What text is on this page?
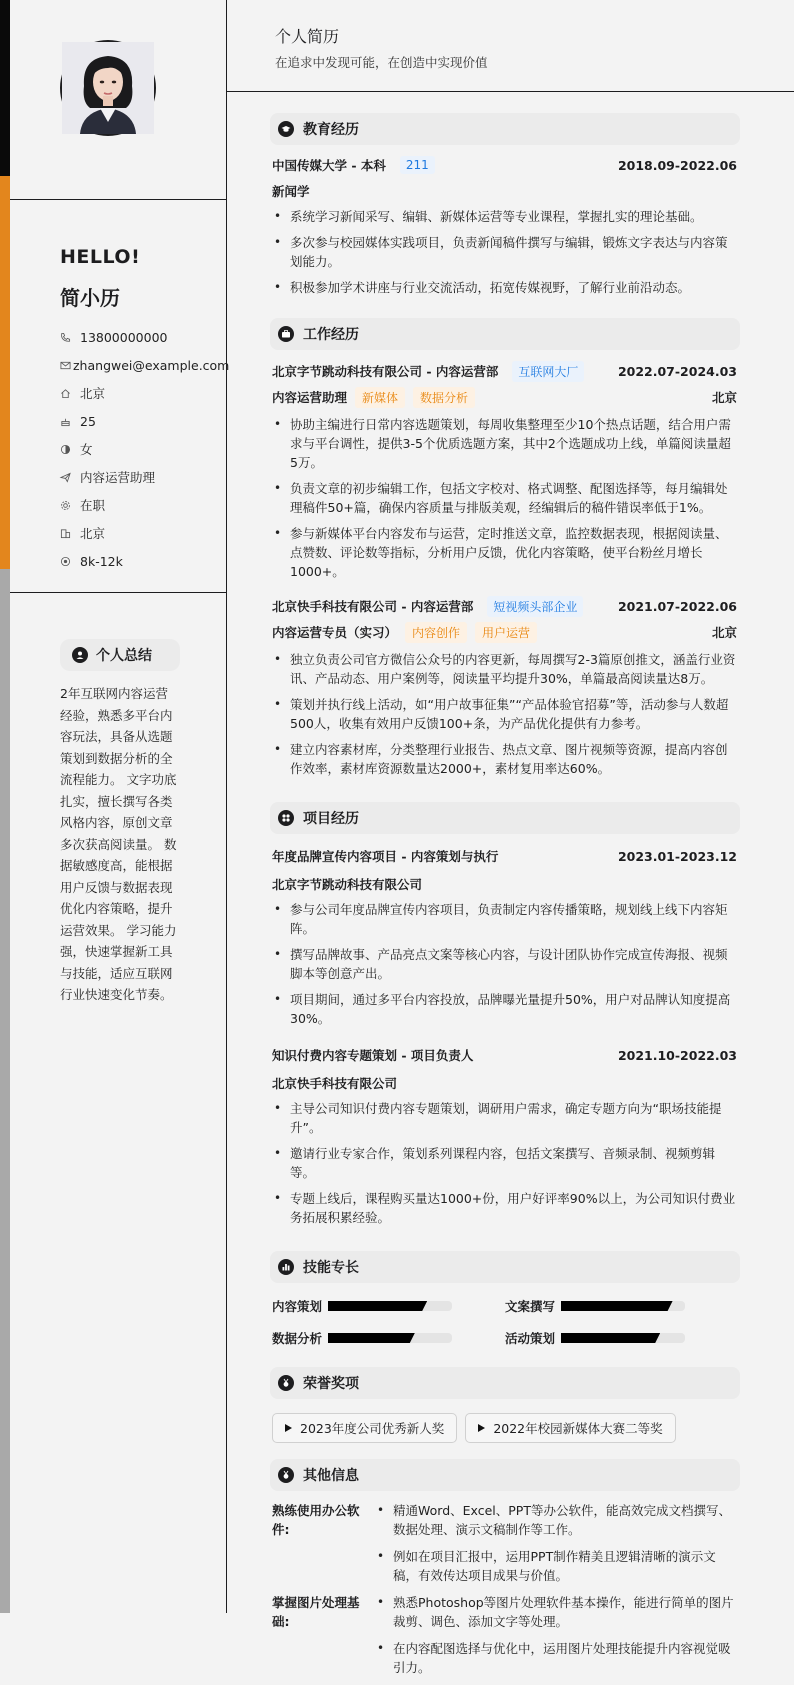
HELLO!
简小历
13800000000
zhangwei@example.com
北京
25
女
内容运营助理
在职
北京
8k-12k
个人总结
2年互联网内容运营经验，熟悉多平台内容玩法，具备从选题策划到数据分析的全流程能力。 文字功底扎实，擅长撰写各类风格内容，原创文章多次获高阅读量。 数据敏感度高，能根据用户反馈与数据表现优化内容策略，提升运营效果。 学习能力强，快速掌握新工具与技能，适应互联网行业快速变化节奏。
个人简历
在追求中发现可能，在创造中实现价值
教育经历
中国传媒大学 - 本科	211	2018.09-2022.06
新闻学
• 系统学习新闻采写、编辑、新媒体运营等专业课程，掌握扎实的理论基础。
• 多次参与校园媒体实践项目，负责新闻稿件撰写与编辑，锻炼文字表达与内容策划能力。
• 积极参加学术讲座与行业交流活动，拓宽传媒视野，了解行业前沿动态。
工作经历
北京字节跳动科技有限公司 - 内容运营部	互联网大厂	2022.07-2024.03
内容运营助理	新媒体	数据分析	北京
• 协助主编进行日常内容选题策划，每周收集整理至少10个热点话题，结合用户需求与平台调性，提供3-5个优质选题方案，其中2个选题成功上线，单篇阅读量超5万。
• 负责文章的初步编辑工作，包括文字校对、格式调整、配图选择等，每月编辑处理稿件50+篇，确保内容质量与排版美观，经编辑后的稿件错误率低于1%。
• 参与新媒体平台内容发布与运营，定时推送文章，监控数据表现，根据阅读量、点赞数、评论数等指标，分析用户反馈，优化内容策略，使平台粉丝月增长1000+。
北京快手科技有限公司 - 内容运营部	短视频头部企业	2021.07-2022.06
内容运营专员（实习）	内容创作	用户运营	北京
• 独立负责公司官方微信公众号的内容更新，每周撰写2-3篇原创推文，涵盖行业资讯、产品动态、用户案例等，阅读量平均提升30%，单篇最高阅读量达8万。
• 策划并执行线上活动，如“用户故事征集”“产品体验官招募”等，活动参与人数超500人，收集有效用户反馈100+条，为产品优化提供有力参考。
• 建立内容素材库，分类整理行业报告、热点文章、图片视频等资源，提高内容创作效率，素材库资源数量达2000+，素材复用率达60%。
项目经历
年度品牌宣传内容项目 - 内容策划与执行	2023.01-2023.12
北京字节跳动科技有限公司
• 参与公司年度品牌宣传内容项目，负责制定内容传播策略，规划线上线下内容矩阵。
• 撰写品牌故事、产品亮点文案等核心内容，与设计团队协作完成宣传海报、视频脚本等创意产出。
• 项目期间，通过多平台内容投放，品牌曝光量提升50%，用户对品牌认知度提高30%。
知识付费内容专题策划 - 项目负责人	2021.10-2022.03
北京快手科技有限公司
• 主导公司知识付费内容专题策划，调研用户需求，确定专题方向为“职场技能提升”。
• 邀请行业专家合作，策划系列课程内容，包括文案撰写、音频录制、视频剪辑等。
• 专题上线后，课程购买量达1000+份，用户好评率90%以上，为公司知识付费业务拓展积累经验。
技能专长
内容策划	文案撰写
数据分析	活动策划
荣誉奖项
2023年度公司优秀新人奖	2022年校园新媒体大赛二等奖
其他信息
熟练使用办公软件:
• 精通Word、Excel、PPT等办公软件，能高效完成文档撰写、数据处理、演示文稿制作等工作。
• 例如在项目汇报中，运用PPT制作精美且逻辑清晰的演示文稿，有效传达项目成果与价值。
掌握图片处理基础:
• 熟悉Photoshop等图片处理软件基本操作，能进行简单的图片裁剪、调色、添加文字等处理。
• 在内容配图选择与优化中，运用图片处理技能提升内容视觉吸引力。
